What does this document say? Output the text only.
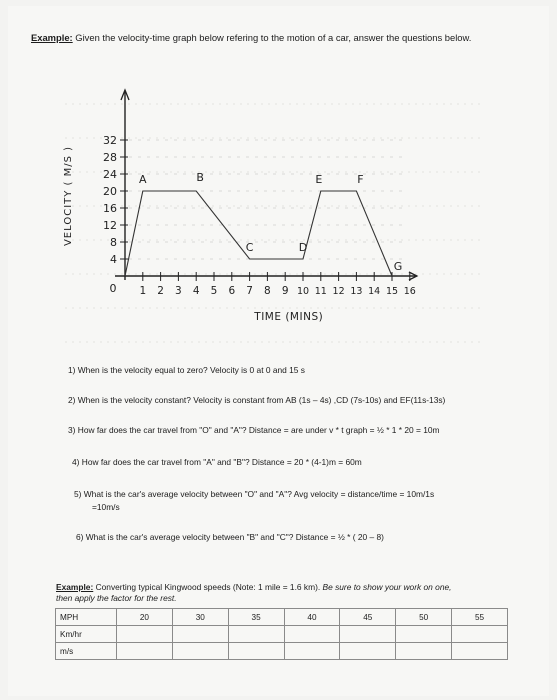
Example: Given the velocity-time graph below refering to the motion of a car, answer the questions below.
32
28
24
20
16
12
8
4
0
VELOCITY ( M/S )
1 2 3 4 5 6 7 8 9 10 11 12 13 14 15 16
TIME (MINS)
A	B
C	D
E	F
G
1) When is the velocity equal to zero? Velocity is 0 at 0 and 15 s
2) When is the velocity constant? Velocity is constant from AB (1s – 4s) ,CD (7s-10s) and EF(11s-13s)
3) How far does the car travel from "O" and "A"? Distance = are under v * t graph = ½ * 1 * 20 = 10m
4) How far does the car travel from "A" and "B"? Distance = 20 * (4-1)m = 60m
5) What is the car's average velocity between "O" and "A"? Avg velocity = distance/time = 10m/1s
=10m/s
6) What is the car's average velocity between "B" and "C"? Distance = ½ * ( 20 – 8)
Example: Converting typical Kingwood speeds (Note: 1 mile = 1.6 km). Be sure to show your work on one,
then apply the factor for the rest.
MPH	20	30	35	40	45	50	55
Km/hr							
m/s							
